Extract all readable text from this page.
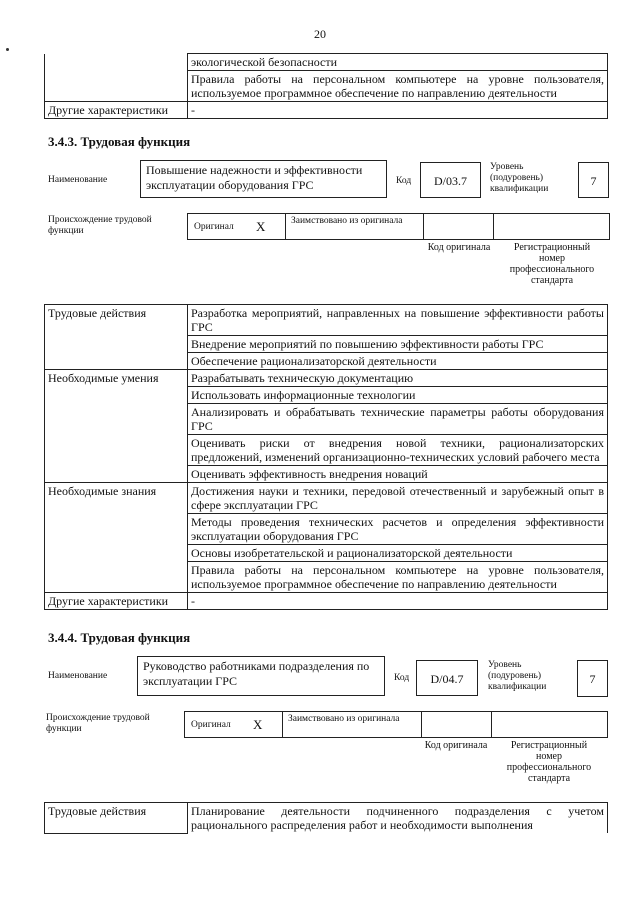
20
	экологической безопасности
	Правила работы на персональном компьютере на уровне пользователя, используемое программное обеспечение по направлению деятельности
Другие характеристики	-
3.4.3. Трудовая функция
Наименование
Повышение надежности и эффективности эксплуатации оборудования ГРС	Код	D/03.7
Уровень (подуровень) квалификации
7
Происхождение трудовой функции	Оригинал X	Заимствовано из оригинала
Код оригинала	Регистрационный номер профессионального стандарта
Трудовые действия	Разработка мероприятий, направленных на повышение эффективности работы ГРС
	Внедрение мероприятий по повышению эффективности работы ГРС
	Обеспечение рационализаторской деятельности
Необходимые умения	Разрабатывать техническую документацию
	Использовать информационные технологии
	Анализировать и обрабатывать технические параметры работы оборудования ГРС
	Оценивать риски от внедрения новой техники, рационализаторских предложений, изменений организационно-технических условий рабочего места
	Оценивать эффективность внедрения новаций
Необходимые знания	Достижения науки и техники, передовой отечественный и зарубежный опыт в сфере эксплуатации ГРС
	Методы проведения технических расчетов и определения эффективности эксплуатации оборудования ГРС
	Основы изобретательской и рационализаторской деятельности
	Правила работы на персональном компьютере на уровне пользователя, используемое программное обеспечение по направлению деятельности
Другие характеристики	-
3.4.4. Трудовая функция
Наименование
Руководство работниками подразделения по эксплуатации ГРС	Код	D/04.7
Уровень (подуровень) квалификации
7
Происхождение трудовой функции	Оригинал X	Заимствовано из оригинала
Код оригинала	Регистрационный номер профессионального стандарта
Трудовые действия	Планирование деятельности подчиненного подразделения с учетом рационального распределения работ и необходимости выполнения
